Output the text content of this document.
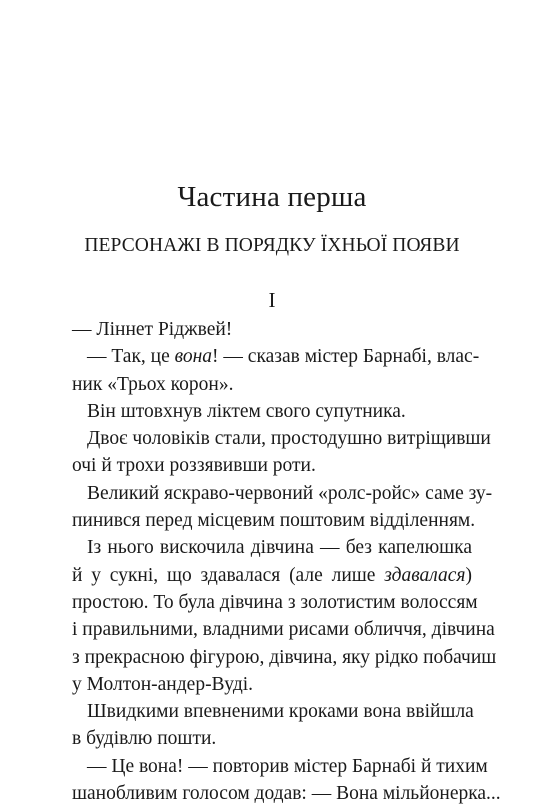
Частина перша
ПЕРСОНАЖІ В ПОРЯДКУ ЇХНЬОЇ ПОЯВИ
I
— Ліннет Ріджвей!
— Так, це вона! — сказав містер Барнабі, влас-
ник «Трьох корон».
Він штовхнув ліктем свого супутника.
Двоє чоловіків стали, простодушно витріщивши
очі й трохи роззявивши роти.
Великий яскраво-червоний «ролс-ройс» саме зу-
пинився перед місцевим поштовим відділенням.
Із нього вискочила дівчина — без капелюшка
й у сукні, що здавалася (але лише здавалася)
простою. То була дівчина з золотистим волоссям
і правильними, владними рисами обличчя, дівчина
з прекрасною фігурою, дівчина, яку рідко побачиш
у Молтон-андер-Вуді.
Швидкими впевненими кроками вона ввійшла
в будівлю пошти.
— Це вона! — повторив містер Барнабі й тихим
шанобливим голосом додав: — Вона мільйонерка...
